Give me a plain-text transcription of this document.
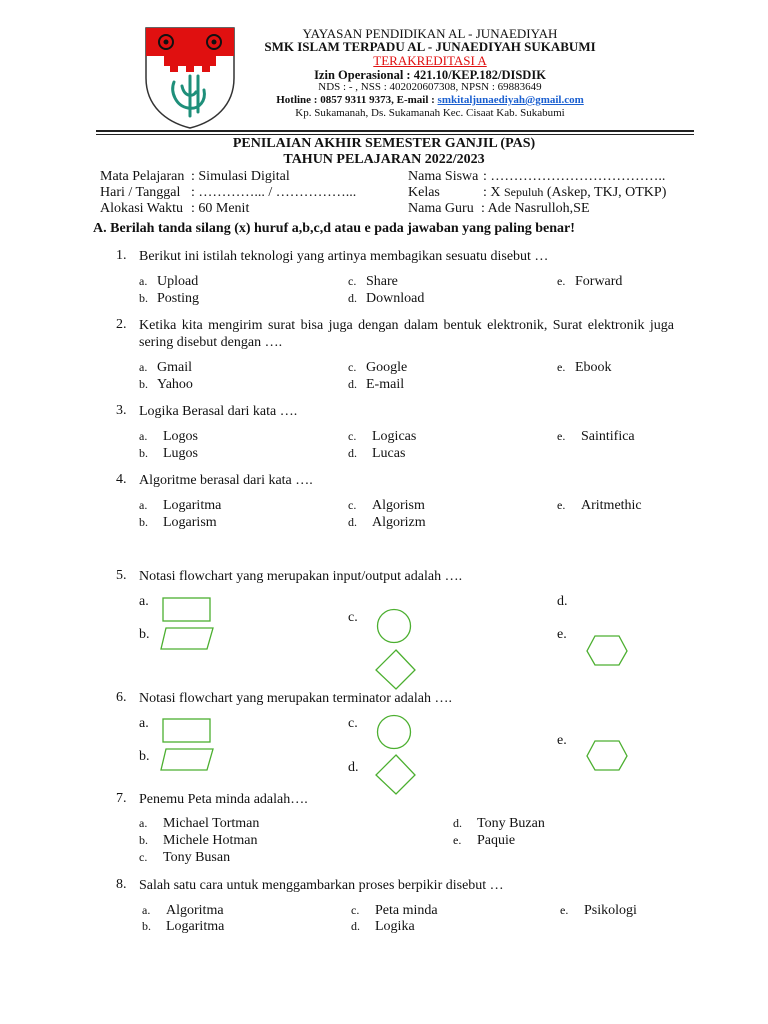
YAYASAN PENDIDIKAN AL - JUNAEDIYAH
SMK ISLAM TERPADU AL - JUNAEDIYAH SUKABUMI
TERAKREDITASI A
Izin Operasional : 421.10/KEP.182/DISDIK
NDS : - , NSS : 402020607308, NPSN : 69883649
Hotline : 0857 9311 9373, E-mail : smkitaljunaediyah@gmail.com
Kp. Sukamanah, Ds. Sukamanah Kec. Cisaat Kab. Sukabumi
PENILAIAN AKHIR SEMESTER GANJIL (PAS)
TAHUN PELAJARAN 2022/2023
Mata Pelajaran : Simulasi Digital
Hari / Tanggal : …………... / ……………...
Alokasi Waktu : 60 Menit
Nama Siswa : ………………………………..
Kelas	: X Sepuluh (Askep, TKJ, OTKP)
Nama Guru : Ade Nasrulloh,SE
A. Berilah tanda silang (x) huruf a,b,c,d atau e pada jawaban yang paling benar!
1. Berikut ini istilah teknologi yang artinya membagikan sesuatu disebut …
a. Upload
b. Posting
c. Share
d. Download
e. Forward
2. Ketika kita mengirim surat bisa juga dengan dalam bentuk elektronik, Surat elektronik juga sering disebut dengan ….
a. Gmail
b. Yahoo
c. Google
d. E-mail
e. Ebook
3. Logika Berasal dari kata ….
a. Logos
b. Lugos
c. Logicas
d. Lucas
e. Saintifica
4. Algoritme berasal dari kata ….
a. Logaritma
b. Logarism
c. Algorism
d. Algorizm
e. Aritmethic
5. Notasi flowchart yang merupakan input/output adalah ….
a.
b.
c.
d.
e.
6. Notasi flowchart yang merupakan terminator adalah ….
a.
b.
c.
d.
e.
7. Penemu Peta minda adalah….
a. Michael Tortman
b. Michele Hotman
c. Tony Busan
d. Tony Buzan
e. Paquie
8. Salah satu cara untuk menggambarkan proses berpikir disebut …
a. Algoritma
b. Logaritma
c. Peta minda
d. Logika
e. Psikologi
